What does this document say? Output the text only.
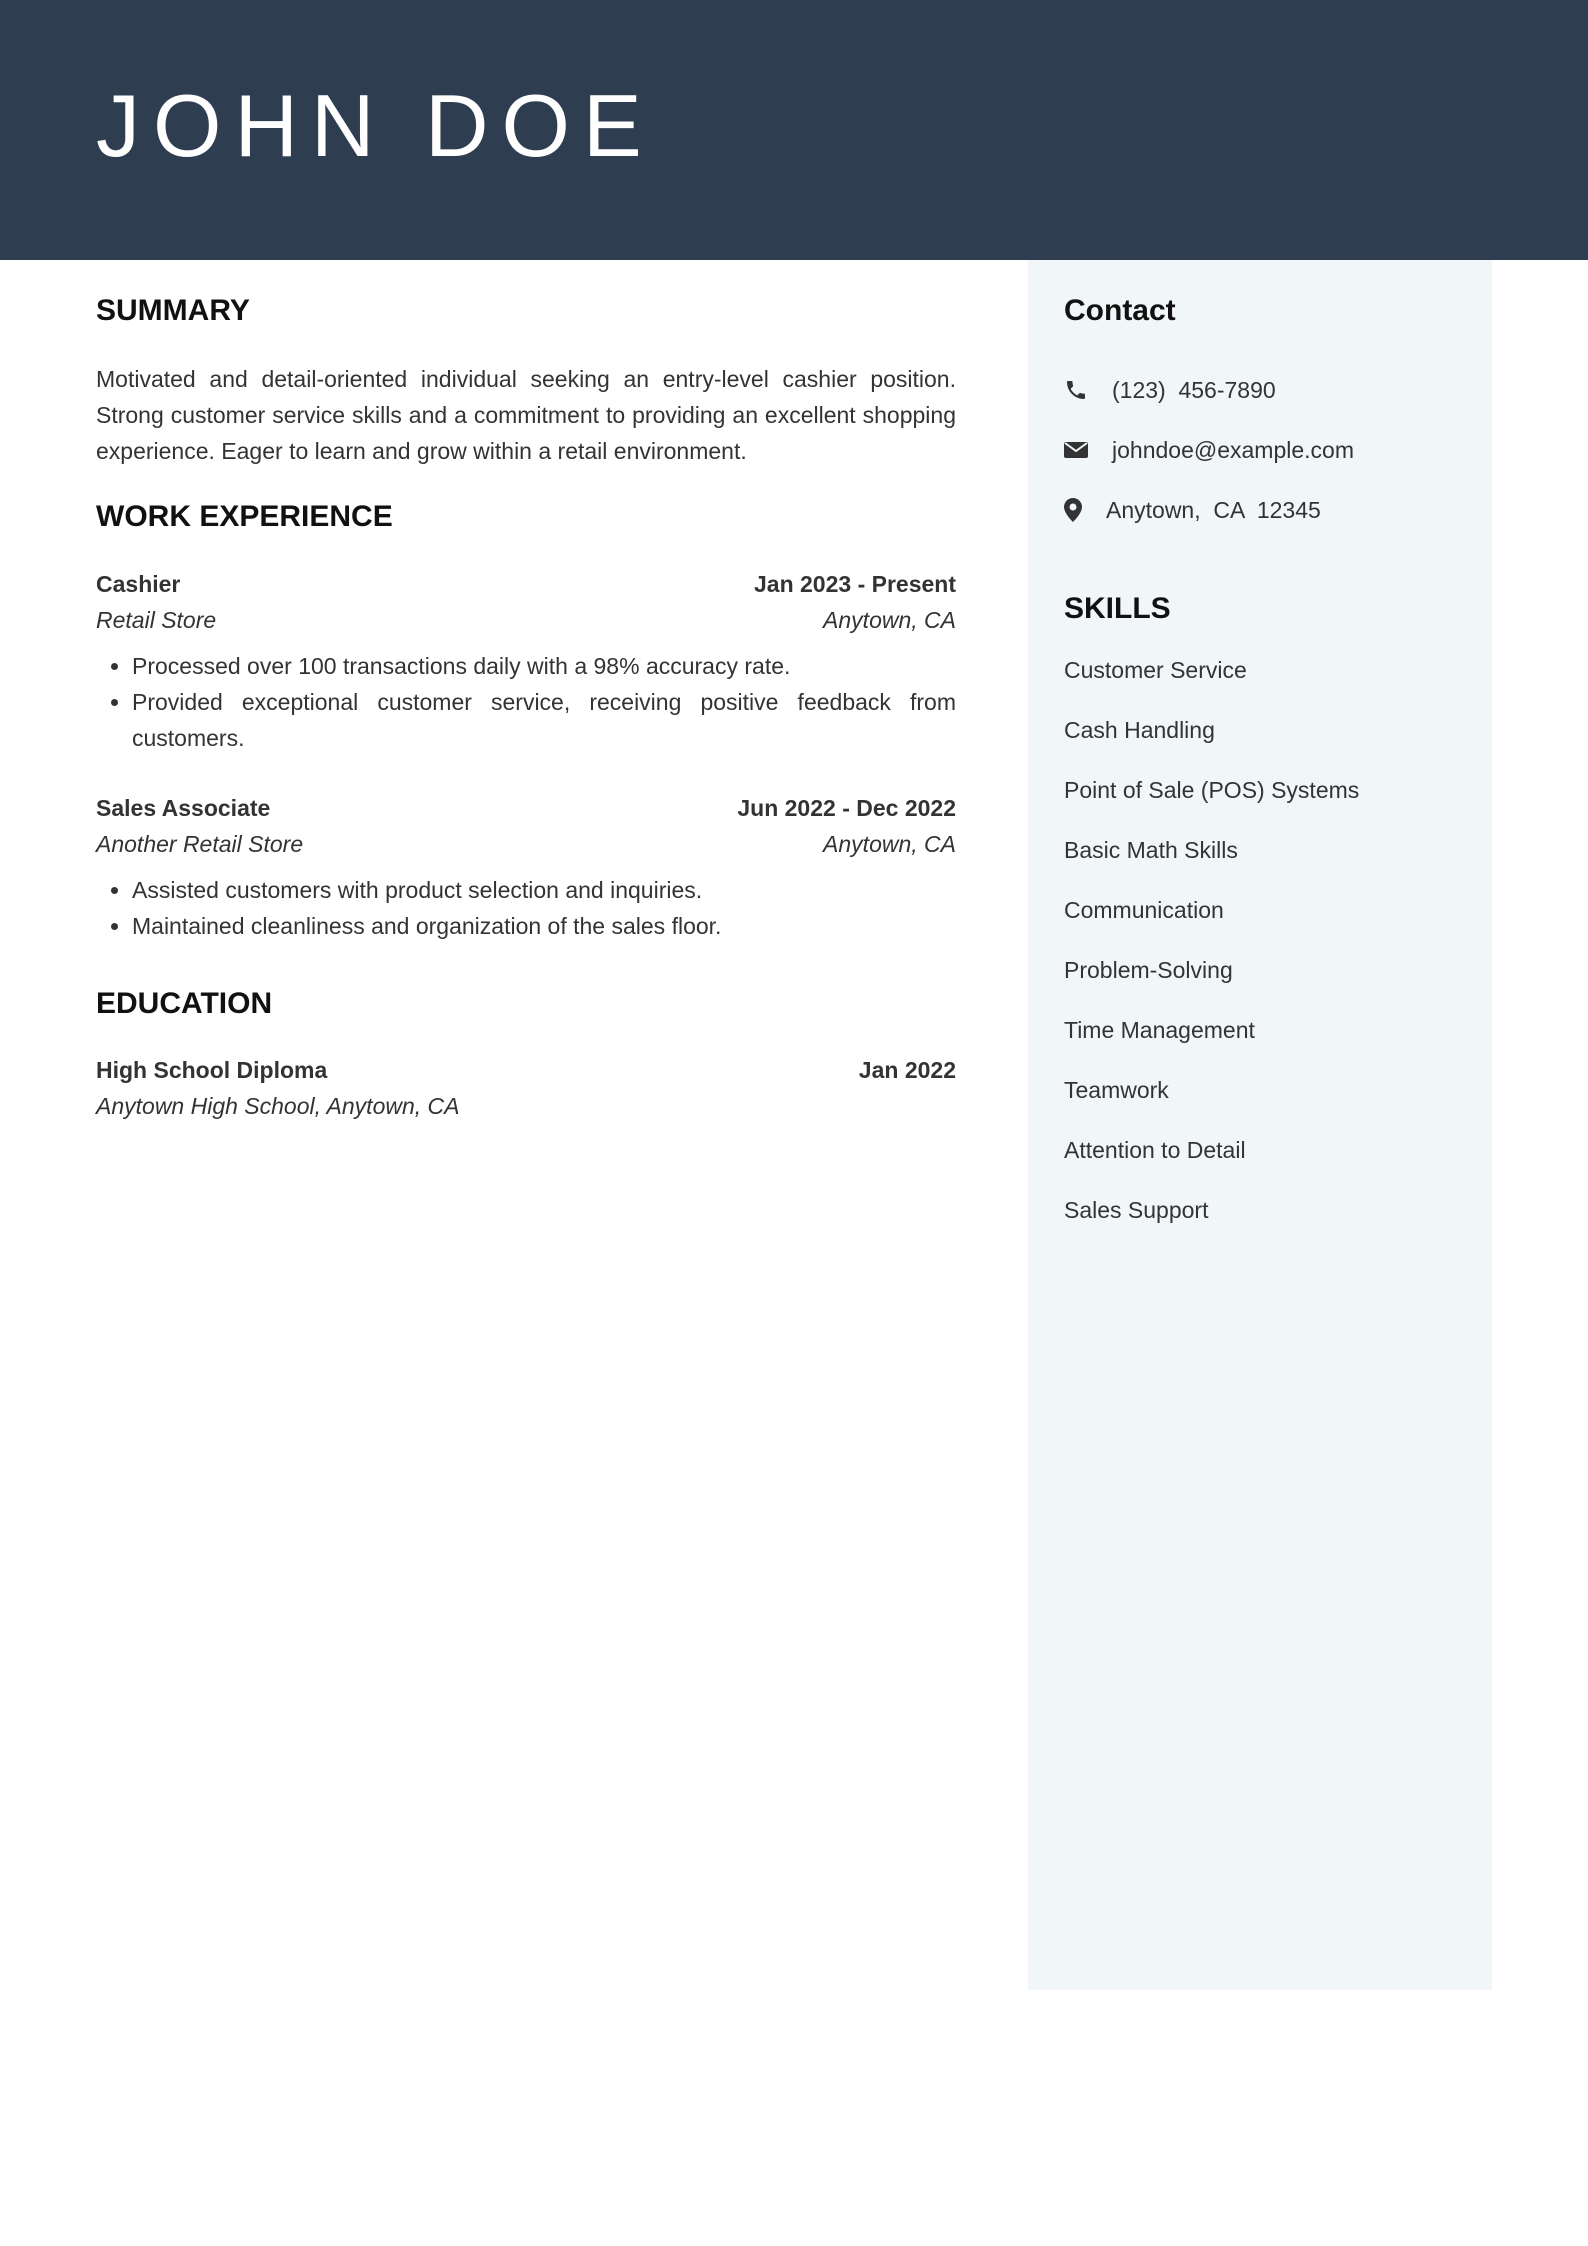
JOHN DOE
SUMMARY

Motivated and detail-oriented individual seeking an entry-level cashier position. Strong customer service skills and a commitment to providing an excellent shopping experience. Eager to learn and grow within a retail environment.

WORK EXPERIENCE
Cashier	Jan 2023 - Present
Retail Store	Anytown, CA
• Processed over 100 transactions daily with a 98% accuracy rate.
• Provided exceptional customer service, receiving positive feedback from customers.
Sales Associate	Jun 2022 - Dec 2022
Another Retail Store	Anytown, CA
• Assisted customers with product selection and inquiries.
• Maintained cleanliness and organization of the sales floor.
EDUCATION
High School Diploma	Jan 2022
Anytown High School, Anytown, CA
Contact
(123)  456-7890
johndoe@example.com
Anytown,  CA  12345
SKILLS
Customer Service
Cash Handling
Point of Sale (POS) Systems
Basic Math Skills
Communication
Problem-Solving
Time Management
Teamwork
Attention to Detail
Sales Support
